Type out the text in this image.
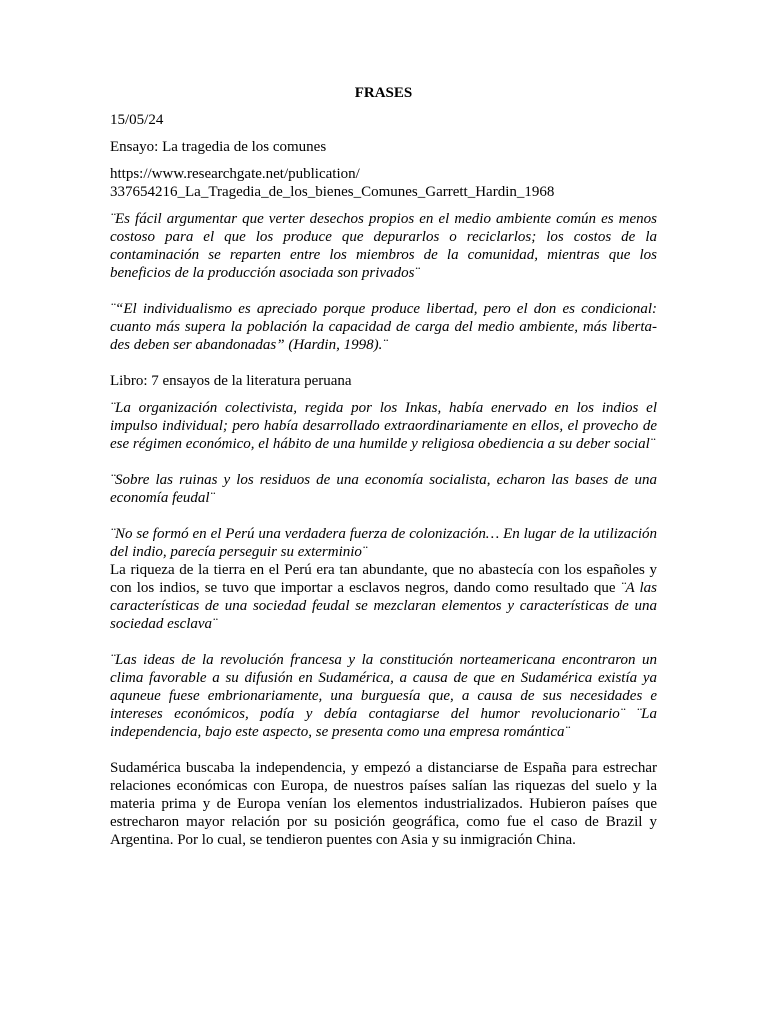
FRASES
15/05/24
Ensayo: La tragedia de los comunes
https://www.researchgate.net/publication/
337654216_La_Tragedia_de_los_bienes_Comunes_Garrett_Hardin_1968
¨Es fácil argumentar que verter desechos propios en el medio ambiente común es menos costoso para el que los produce que depurarlos o reciclarlos; los costos de la contaminación se reparten entre los miembros de la comunidad, mientras que los beneficios de la producción asociada son privados¨
¨“El individualismo es apreciado porque produce libertad, pero el don es condicional: cuanto más supera la población la capacidad de carga del medio ambiente, más liberta-des deben ser abandonadas” (Hardin, 1998).¨
Libro: 7 ensayos de la literatura peruana
¨La organización colectivista, regida por los Inkas, había enervado en los indios el impulso individual; pero había desarrollado extraordinariamente en ellos, el provecho de ese régimen económico, el hábito de una humilde y religiosa obediencia a su deber social¨
¨Sobre las ruinas y los residuos de una economía socialista, echaron las bases de una economía feudal¨
¨No se formó en el Perú una verdadera fuerza de colonización… En lugar de la utilización del indio, parecía perseguir su exterminio¨
La riqueza de la tierra en el Perú era tan abundante, que no abastecía con los españoles y con los indios, se tuvo que importar a esclavos negros, dando como resultado que ¨A las características de una sociedad feudal se mezclaran elementos y características de una sociedad esclava¨
¨Las ideas de la revolución francesa y la constitución norteamericana encontraron un clima favorable a su difusión en Sudamérica, a causa de que en Sudamérica existía ya aquneue fuese embrionariamente, una burguesía que, a causa de sus necesidades e intereses económicos, podía y debía contagiarse del humor revolucionario¨ ¨La independencia, bajo este aspecto, se presenta como una empresa romántica¨
Sudamérica buscaba la independencia, y empezó a distanciarse de España para estrechar relaciones económicas con Europa, de nuestros países salían las riquezas del suelo y la materia prima y de Europa venían los elementos industrializados. Hubieron países que estrecharon mayor relación por su posición geográfica, como fue el caso de Brazil y Argentina. Por lo cual, se tendieron puentes con Asia y su inmigración China.
